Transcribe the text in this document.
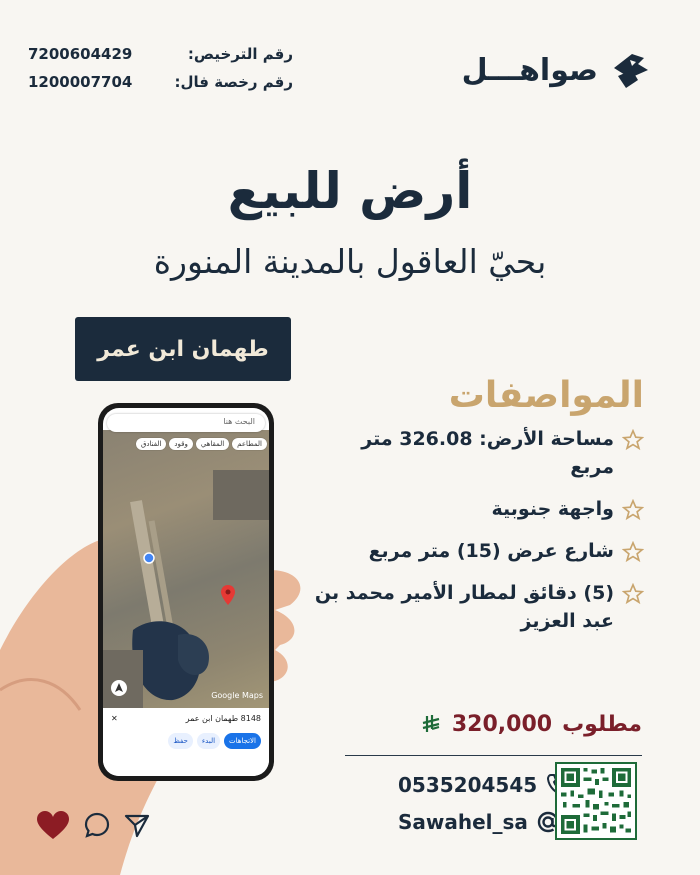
رقم الترخيص:
7200604429
رقم رخصة فال:
1200007704	صواهـــل
أرض للبيع
بحيّ العاقول بالمدينة المنورة
طهمان ابن عمر
Google Maps
البحث هنا
المطاعم
المقاهي
وقود
الفنادق
8148 طهمان ابن عمر
✕
الاتجاهات
البدء
حفظ
المواصفات
مساحة الأرض: 326.08 متر مربع
واجهة جنوبية
شارع عرض (15) متر مربع
(5) دقائق لمطار الأمير محمد بن عبد العزيز
مطلوب
320,000
0535204545
Sawahel_sa
